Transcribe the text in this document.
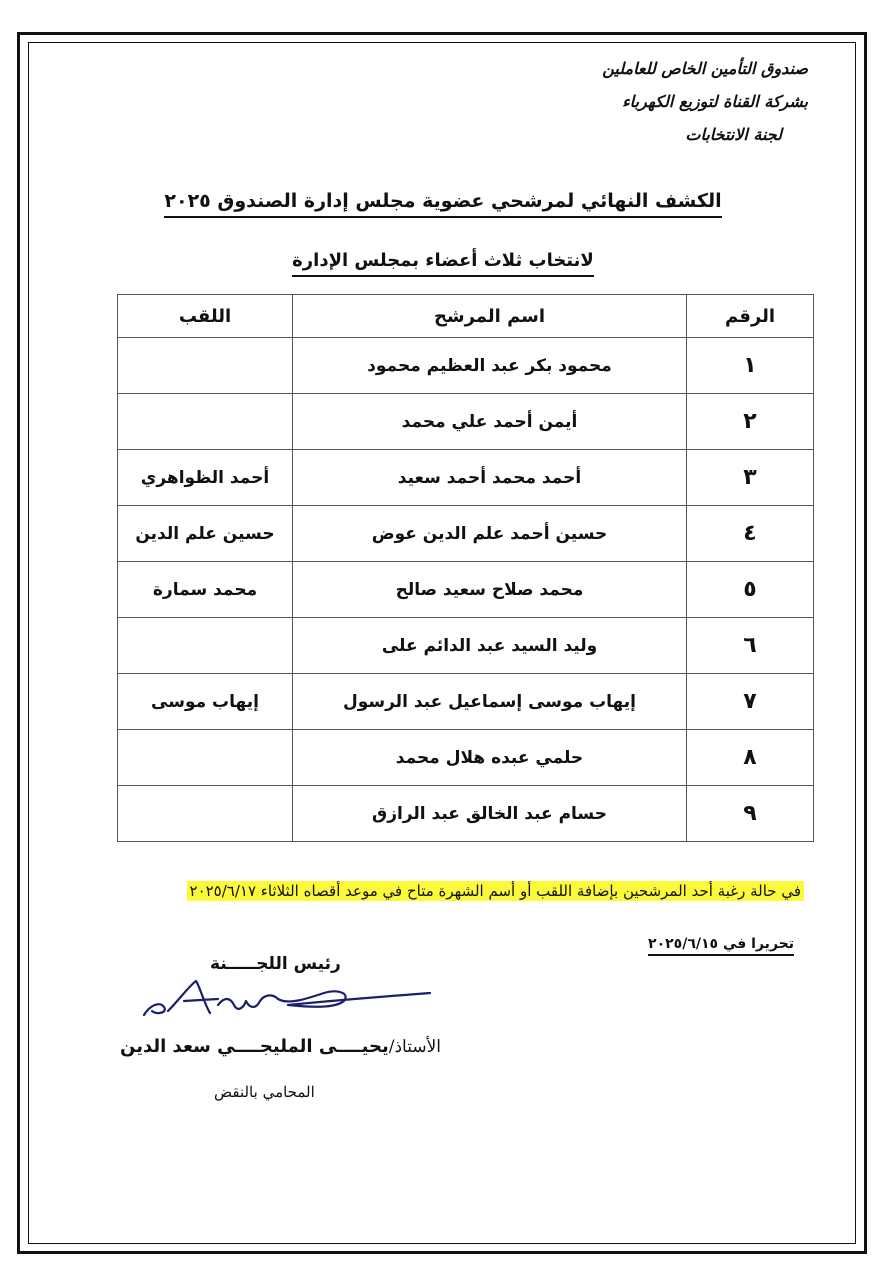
صندوق التأمين الخاص للعاملين
بشركة القناة لتوزيع الكهرباء
لجنة الانتخابات
الكشف النهائي لمرشحي عضوية مجلس إدارة الصندوق ٢٠٢٥
لانتخاب ثلاث أعضاء بمجلس الإدارة
الرقم	اسم المرشح	اللقب
١	محمود بكر عبد العظيم محمود	
٢	أيمن أحمد علي محمد	
٣	أحمد محمد أحمد سعيد	أحمد الظواهري
٤	حسين أحمد علم الدين عوض	حسين علم الدين
٥	محمد صلاح سعيد صالح	محمد سمارة
٦	وليد السيد عبد الدائم على	
٧	إيهاب موسى إسماعيل عبد الرسول	إيهاب موسى
٨	حلمي عبده هلال محمد	
٩	حسام عبد الخالق عبد الرازق	
في حالة رغبة أحد المرشحين بإضافة اللقب أو أسم الشهرة متاح في موعد أقصاه الثلاثاء ٢٠٢٥/٦/١٧
تحريرا في ٢٠٢٥/٦/١٥
رئيس اللجـــــنة
الأستاذ/يحيــــى المليجــــي سعد الدين
المحامي بالنقض
